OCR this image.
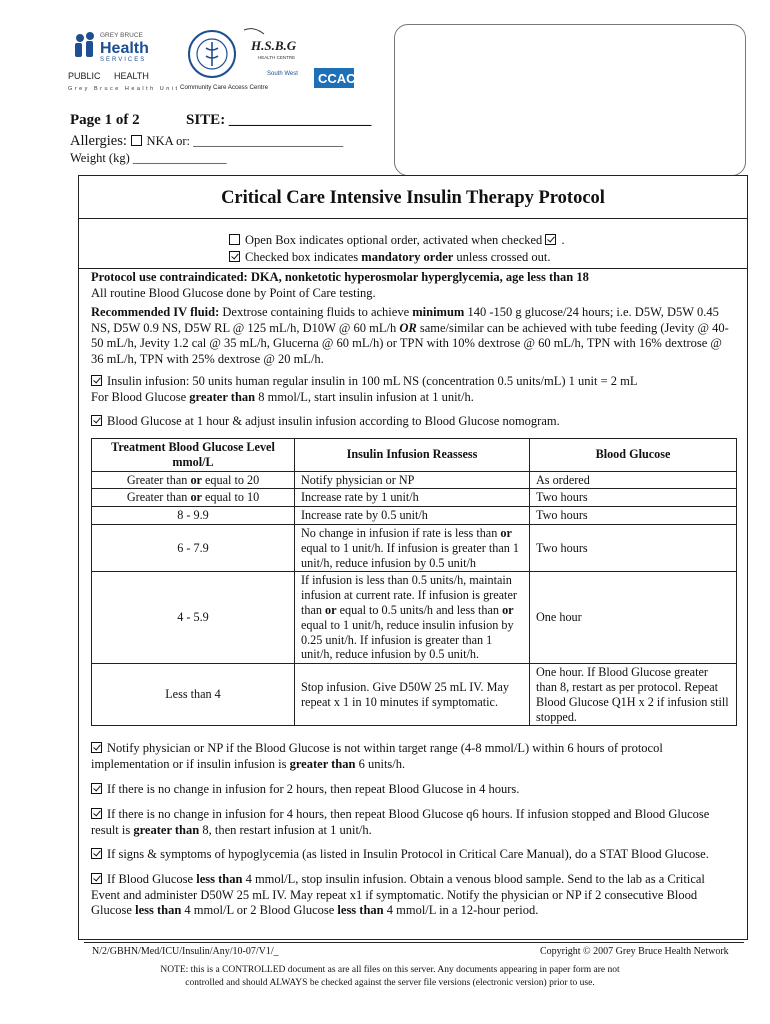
GREY BRUCE
Health
SERVICES
PUBLIC HEALTH
Grey Bruce Health Unit
H.S.B.G
HEALTH CENTRE
South West
Community Care Access Centre
CCAC
Page 1 of 2	SITE: ___________________
Allergies: NKA or: ________________________
Weight (kg) _______________
Critical Care Intensive Insulin Therapy Protocol
Open Box indicates optional order, activated when checked .
Checked box indicates mandatory order unless crossed out.
Protocol use contraindicated: DKA, nonketotic hyperosmolar hyperglycemia, age less than 18
All routine Blood Glucose done by Point of Care testing.
Recommended IV fluid: Dextrose containing fluids to achieve minimum 140 -150 g glucose/24 hours; i.e. D5W, D5W 0.45 NS, D5W 0.9 NS, D5W RL @ 125 mL/h, D10W @ 60 mL/h OR same/similar can be achieved with tube feeding (Jevity @ 40-50 mL/h, Jevity 1.2 cal @ 35 mL/h, Glucerna @ 60 mL/h) or TPN with 10% dextrose @ 60 mL/h, TPN with 16% dextrose @ 36 mL/h, TPN with 25% dextrose @ 20 mL/h.
Insulin infusion: 50 units human regular insulin in 100 mL NS (concentration 0.5 units/mL) 1 unit = 2 mL
For Blood Glucose greater than 8 mmol/L, start insulin infusion at 1 unit/h.
Blood Glucose at 1 hour & adjust insulin infusion according to Blood Glucose nomogram.
Treatment Blood Glucose Level mmol/L	Insulin Infusion Reassess	Blood Glucose
Greater than or equal to 20	Notify physician or NP	As ordered
Greater than or equal to 10	Increase rate by 1 unit/h	Two hours
8 - 9.9	Increase rate by 0.5 unit/h	Two hours
6 - 7.9	No change in infusion if rate is less than or equal to 1 unit/h. If infusion is greater than 1 unit/h, reduce infusion by 0.5 unit/h	Two hours
4 - 5.9	If infusion is less than 0.5 units/h, maintain infusion at current rate. If infusion is greater than or equal to 0.5 units/h and less than or equal to 1 unit/h, reduce insulin infusion by 0.25 unit/h. If infusion is greater than 1 unit/h, reduce infusion by 0.5 unit/h.	One hour
Less than 4	Stop infusion. Give D50W 25 mL IV. May repeat x 1 in 10 minutes if symptomatic.	One hour. If Blood Glucose greater than 8, restart as per protocol. Repeat Blood Glucose Q1H x 2 if infusion still stopped.
Notify physician or NP if the Blood Glucose is not within target range (4-8 mmol/L) within 6 hours of protocol implementation or if insulin infusion is greater than 6 units/h.
If there is no change in infusion for 2 hours, then repeat Blood Glucose in 4 hours.
If there is no change in infusion for 4 hours, then repeat Blood Glucose q6 hours. If infusion stopped and Blood Glucose result is greater than 8, then restart infusion at 1 unit/h.
If signs & symptoms of hypoglycemia (as listed in Insulin Protocol in Critical Care Manual), do a STAT Blood Glucose.
If Blood Glucose less than 4 mmol/L, stop insulin infusion. Obtain a venous blood sample. Send to the lab as a Critical Event and administer D50W 25 mL IV. May repeat x1 if symptomatic. Notify the physician or NP if 2 consecutive Blood Glucose less than 4 mmol/L or 2 Blood Glucose less than 4 mmol/L in a 12-hour period.
N/2/GBHN/Med/ICU/Insulin/Any/10-07/V1/_	Copyright © 2007 Grey Bruce Health Network
NOTE: this is a CONTROLLED document as are all files on this server. Any documents appearing in paper form are not
controlled and should ALWAYS be checked against the server file versions (electronic version) prior to use.
